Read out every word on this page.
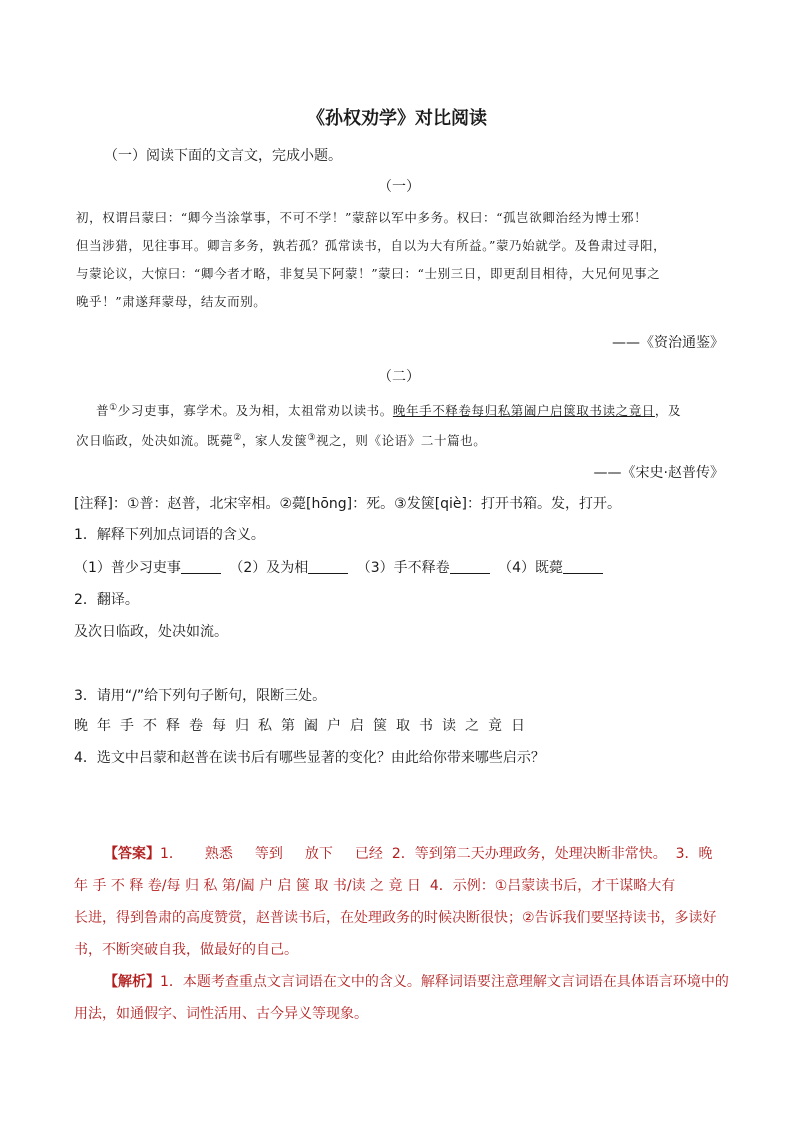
《孙权劝学》对比阅读
（一）阅读下面的文言文，完成小题。
（一）
初，权谓吕蒙曰：“卿今当涂掌事，不可不学！”蒙辞以军中多务。权曰：“孤岂欲卿治经为博士邪！
但当涉猎，见往事耳。卿言多务，孰若孤？孤常读书，自以为大有所益。”蒙乃始就学。及鲁肃过寻阳，
与蒙论议，大惊曰：“卿今者才略，非复吴下阿蒙！”蒙曰：“士别三日，即更刮目相待，大兄何见事之
晚乎！”肃遂拜蒙母，结友而别。
——《资治通鉴》
（二）
普①少习吏事，寡学术。及为相，太祖常劝以读书。晚年手不释卷每归私第阖户启箧取书读之竟日，及
次日临政，处决如流。既薨②，家人发箧③视之，则《论语》二十篇也。
——《宋史·赵普传》
[注释]：①普：赵普，北宋宰相。②薨[hōng]：死。③发箧[qiè]：打开书箱。发，打开。
1．解释下列加点词语的含义。
（1）普少习吏事	（2）及为相	（3）手不释卷	（4）既薨
2．翻译。
及次日临政，处决如流。
3．请用“/”给下列句子断句，限断三处。
晚年手不释卷每归私第阖户启箧取书读之竟日
4．选文中吕蒙和赵普在读书后有哪些显著的变化？由此给你带来哪些启示？
【答案】1． 熟悉 等到 放下 已经 2．等到第二天办理政务，处理决断非常快。 3．晚
年 手 不 释 卷/每 归 私 第/阖 户 启 箧 取 书/读 之 竟 日 4．示例：①吕蒙读书后，才干谋略大有
长进，得到鲁肃的高度赞赏，赵普读书后，在处理政务的时候决断很快；②告诉我们要坚持读书，多读好
书，不断突破自我，做最好的自己。
【解析】1．本题考查重点文言词语在文中的含义。解释词语要注意理解文言词语在具体语言环境中的
用法，如通假字、词性活用、古今异义等现象。
